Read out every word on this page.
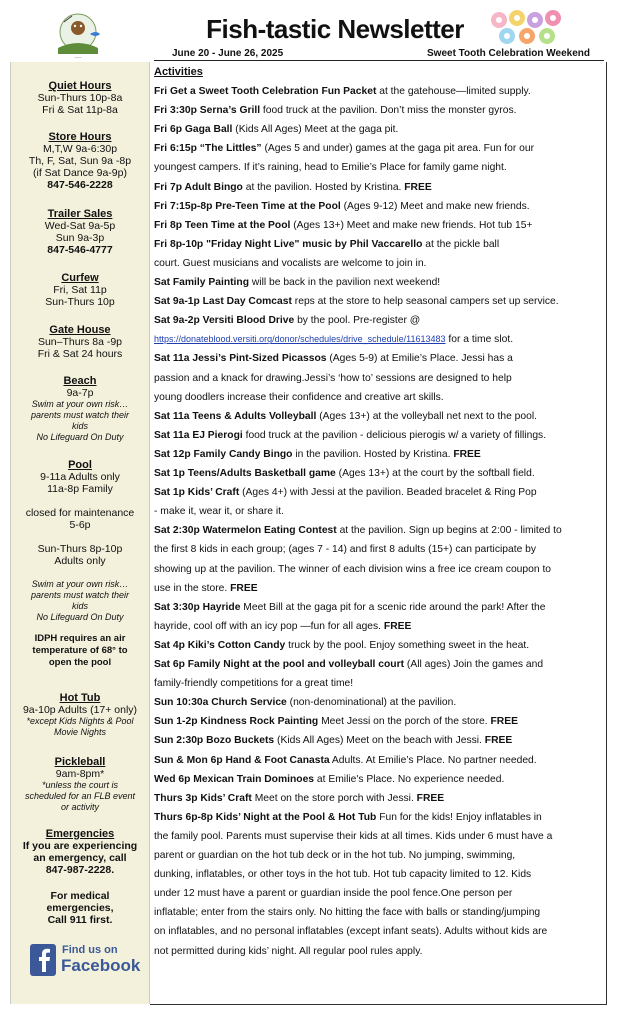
~~~
Fish-tastic Newsletter
June 20 - June 26, 2025	Sweet Tooth Celebration Weekend
Quiet Hours
Sun-Thurs 10p-8a
Fri & Sat 11p-8a
Store Hours
M,T,W 9a-6:30p
Th, F, Sat, Sun 9a -8p
(if Sat Dance 9a-9p)
847-546-2228
Trailer Sales
Wed-Sat 9a-5p
Sun 9a-3p
847-546-4777
Curfew
Fri, Sat 11p
Sun-Thurs 10p
Gate House
Sun–Thurs 8a -9p
Fri & Sat 24 hours
Beach
9a-7p
Swim at your own risk…
parents must watch their
kids
No Lifeguard On Duty
Pool
9-11a Adults only
11a-8p Family
closed for maintenance
5-6p
Sun-Thurs 8p-10p
Adults only
Swim at your own risk…
parents must watch their
kids
No Lifeguard On Duty
IDPH requires an air
temperature of 68° to
open the pool
Hot Tub
9a-10p Adults (17+ only)
*except Kids Nights & Pool
Movie Nights
Pickleball
9am-8pm*
*unless the court is
scheduled for an FLB event
or activity
Emergencies
If you are experiencing
an emergency, call
847-987-2228.
For medical
emergencies,
Call 911 first.
Find us on
Facebook
Activities
Fri Get a Sweet Tooth Celebration Fun Packet at the gatehouse—limited supply.
Fri 3:30p Serna’s Grill food truck at the pavilion. Don’t miss the monster gyros.
Fri 6p Gaga Ball (Kids All Ages) Meet at the gaga pit.
Fri 6:15p “The Littles” (Ages 5 and under) games at the gaga pit area. Fun for our
youngest campers. If it’s raining, head to Emilie’s Place for family game night.
Fri 7p Adult Bingo at the pavilion. Hosted by Kristina. FREE
Fri 7:15p-8p Pre-Teen Time at the Pool (Ages 9-12) Meet and make new friends.
Fri 8p Teen Time at the Pool (Ages 13+) Meet and make new friends. Hot tub 15+
Fri 8p-10p "Friday Night Live" music by Phil Vaccarello at the pickle ball
court. Guest musicians and vocalists are welcome to join in.
Sat Family Painting will be back in the pavilion next weekend!
Sat 9a-1p Last Day Comcast reps at the store to help seasonal campers set up service.
Sat 9a-2p Versiti Blood Drive by the pool. Pre-register @
https://donateblood.versiti.org/donor/schedules/drive_schedule/11613483 for a time slot.
Sat 11a Jessi’s Pint-Sized Picassos (Ages 5-9) at Emilie’s Place. Jessi has a
passion and a knack for drawing.Jessi’s ‘how to’ sessions are designed to help
young doodlers increase their confidence and creative art skills.
Sat 11a Teens & Adults Volleyball (Ages 13+) at the volleyball net next to the pool.
Sat 11a EJ Pierogi food truck at the pavilion - delicious pierogis w/ a variety of fillings.
Sat 12p Family Candy Bingo in the pavilion. Hosted by Kristina. FREE
Sat 1p Teens/Adults Basketball game (Ages 13+) at the court by the softball field.
Sat 1p Kids’ Craft (Ages 4+) with Jessi at the pavilion. Beaded bracelet & Ring Pop
- make it, wear it, or share it.
Sat 2:30p Watermelon Eating Contest at the pavilion. Sign up begins at 2:00 - limited to
the first 8 kids in each group; (ages 7 - 14) and first 8 adults (15+) can participate by
showing up at the pavilion. The winner of each division wins a free ice cream coupon to
use in the store. FREE
Sat 3:30p Hayride Meet Bill at the gaga pit for a scenic ride around the park! After the
hayride, cool off with an icy pop —fun for all ages. FREE
Sat 4p Kiki’s Cotton Candy truck by the pool. Enjoy something sweet in the heat.
Sat 6p Family Night at the pool and volleyball court (All ages) Join the games and
family-friendly competitions for a great time!
Sun 10:30a Church Service (non-denominational) at the pavilion.
Sun 1-2p Kindness Rock Painting Meet Jessi on the porch of the store. FREE
Sun 2:30p Bozo Buckets (Kids All Ages) Meet on the beach with Jessi. FREE
Sun & Mon 6p Hand & Foot Canasta Adults. At Emilie’s Place. No partner needed.
Wed 6p Mexican Train Dominoes at Emilie's Place. No experience needed.
Thurs 3p Kids’ Craft Meet on the store porch with Jessi. FREE
Thurs 6p-8p Kids’ Night at the Pool & Hot Tub Fun for the kids! Enjoy inflatables in
the family pool. Parents must supervise their kids at all times. Kids under 6 must have a
parent or guardian on the hot tub deck or in the hot tub. No jumping, swimming,
dunking, inflatables, or other toys in the hot tub. Hot tub capacity limited to 12. Kids
under 12 must have a parent or guardian inside the pool fence.One person per
inflatable; enter from the stairs only. No hitting the face with balls or standing/jumping
on inflatables, and no personal inflatables (except infant seats). Adults without kids are
not permitted during kids’ night. All regular pool rules apply.
